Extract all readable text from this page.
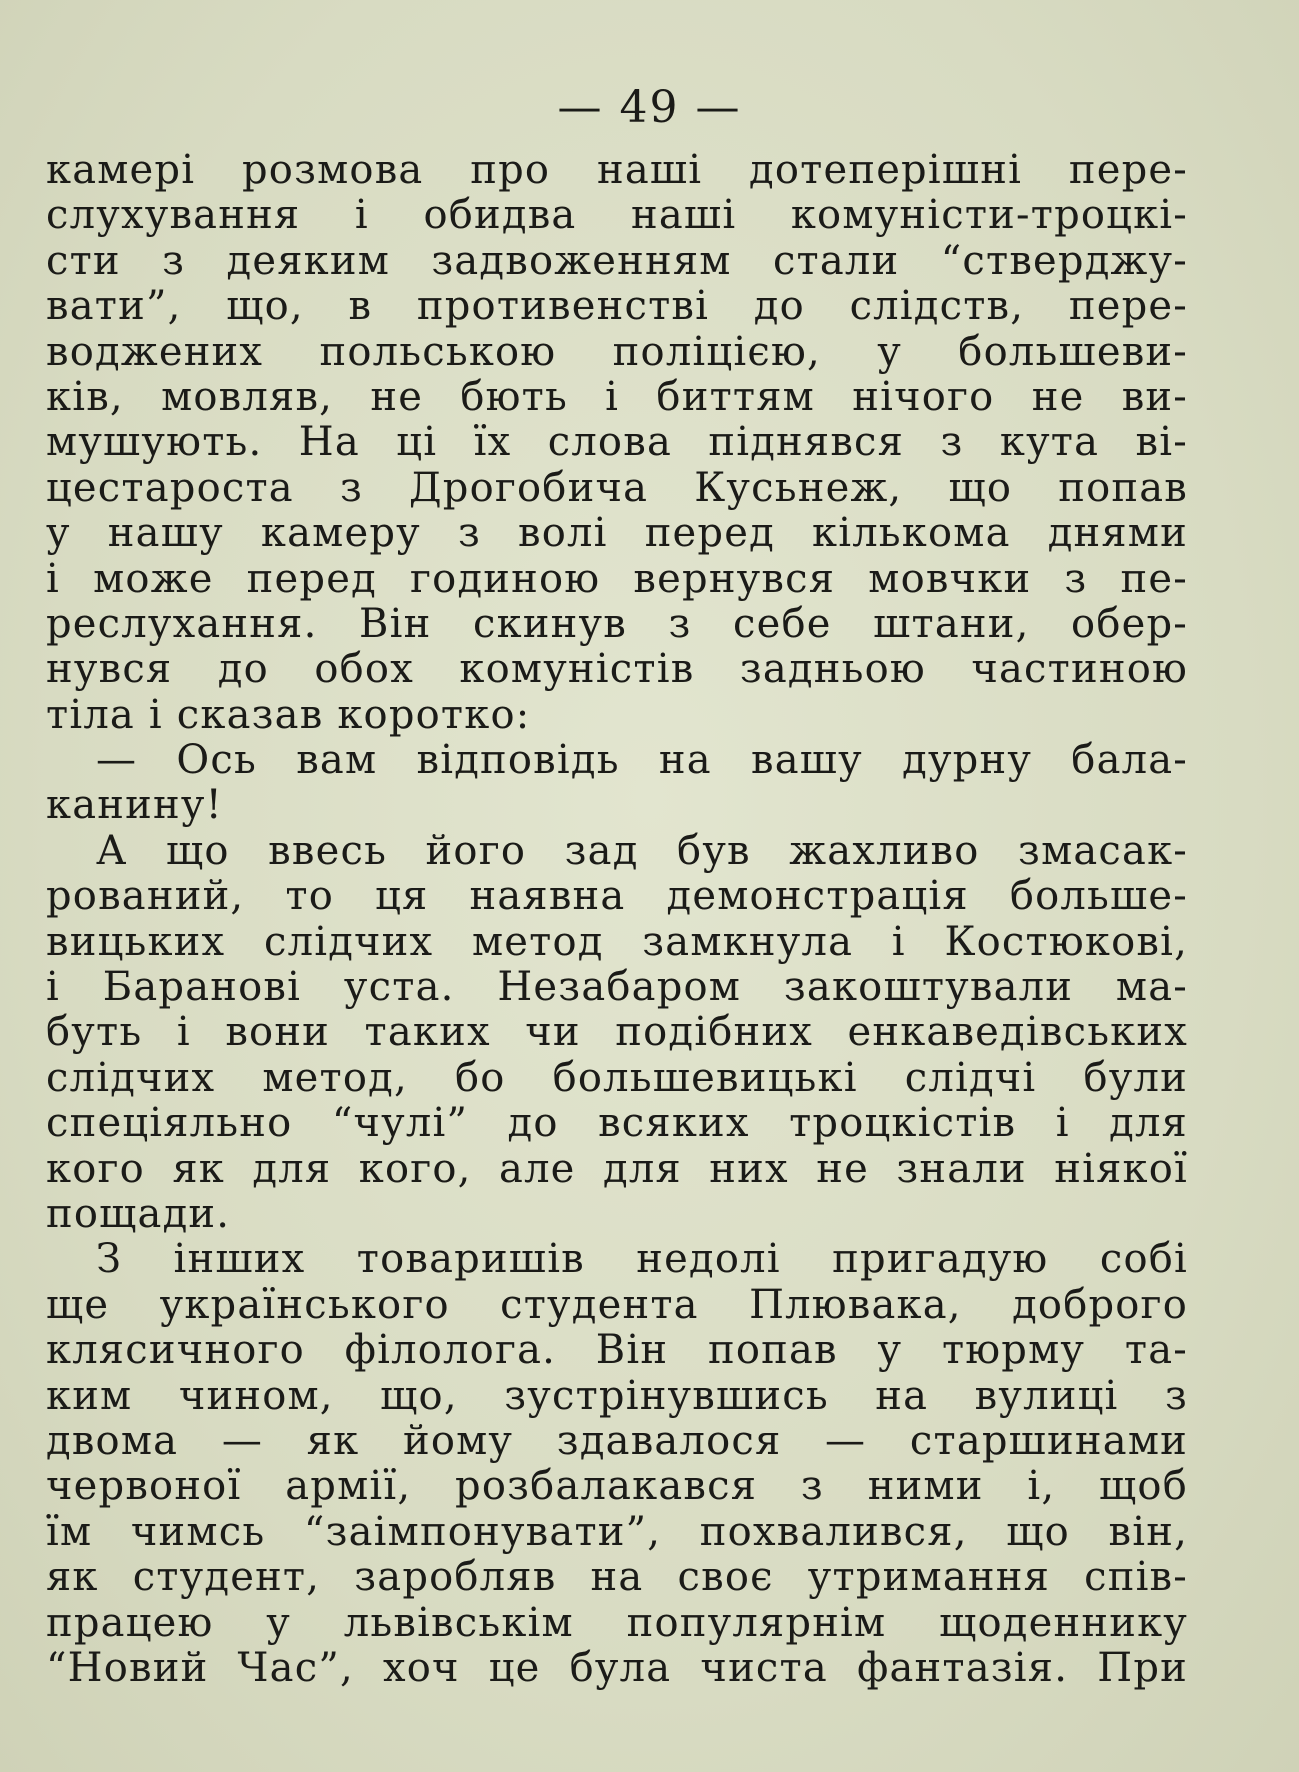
— 49 —
камері розмова про наші дотеперішні пере-
слухування і обидва наші комуністи-троцкі-
сти з деяким задвоженням стали “стверджу-
вати”, що, в противенстві до слідств, пере-
воджених польською поліцією, у большеви-
ків, мовляв, не бють і биттям нічого не ви-
мушують. На ці їх слова піднявся з кута ві-
цестароста з Дрогобича Кусьнеж, що попав
у нашу камеру з волі перед кількома днями
і може перед годиною вернувся мовчки з пе-
реслухання. Він скинув з себе штани, обер-
нувся до обох комуністів задньою частиною
тіла і сказав коротко:
— Ось вам відповідь на вашу дурну бала-
канину!
А що ввесь його зад був жахливо змасак-
рований, то ця наявна демонстрація больше-
вицьких слідчих метод замкнула і Костюкові,
і Баранові уста. Незабаром закоштували ма-
буть і вони таких чи подібних енкаведівських
слідчих метод, бо большевицькі слідчі були
спеціяльно “чулі” до всяких троцкістів і для
кого як для кого, але для них не знали ніякої
пощади.
З інших товаришів недолі пригадую собі
ще українського студента Плювака, доброго
клясичного філолога. Він попав у тюрму та-
ким чином, що, зустрінувшись на вулиці з
двома — як йому здавалося — старшинами
червоної армії, розбалакався з ними і, щоб
їм чимсь “заімпонувати”, похвалився, що він,
як студент, заробляв на своє утримання спів-
працею у львівськім популярнім щоденнику
“Новий Час”, хоч це була чиста фантазія. При
